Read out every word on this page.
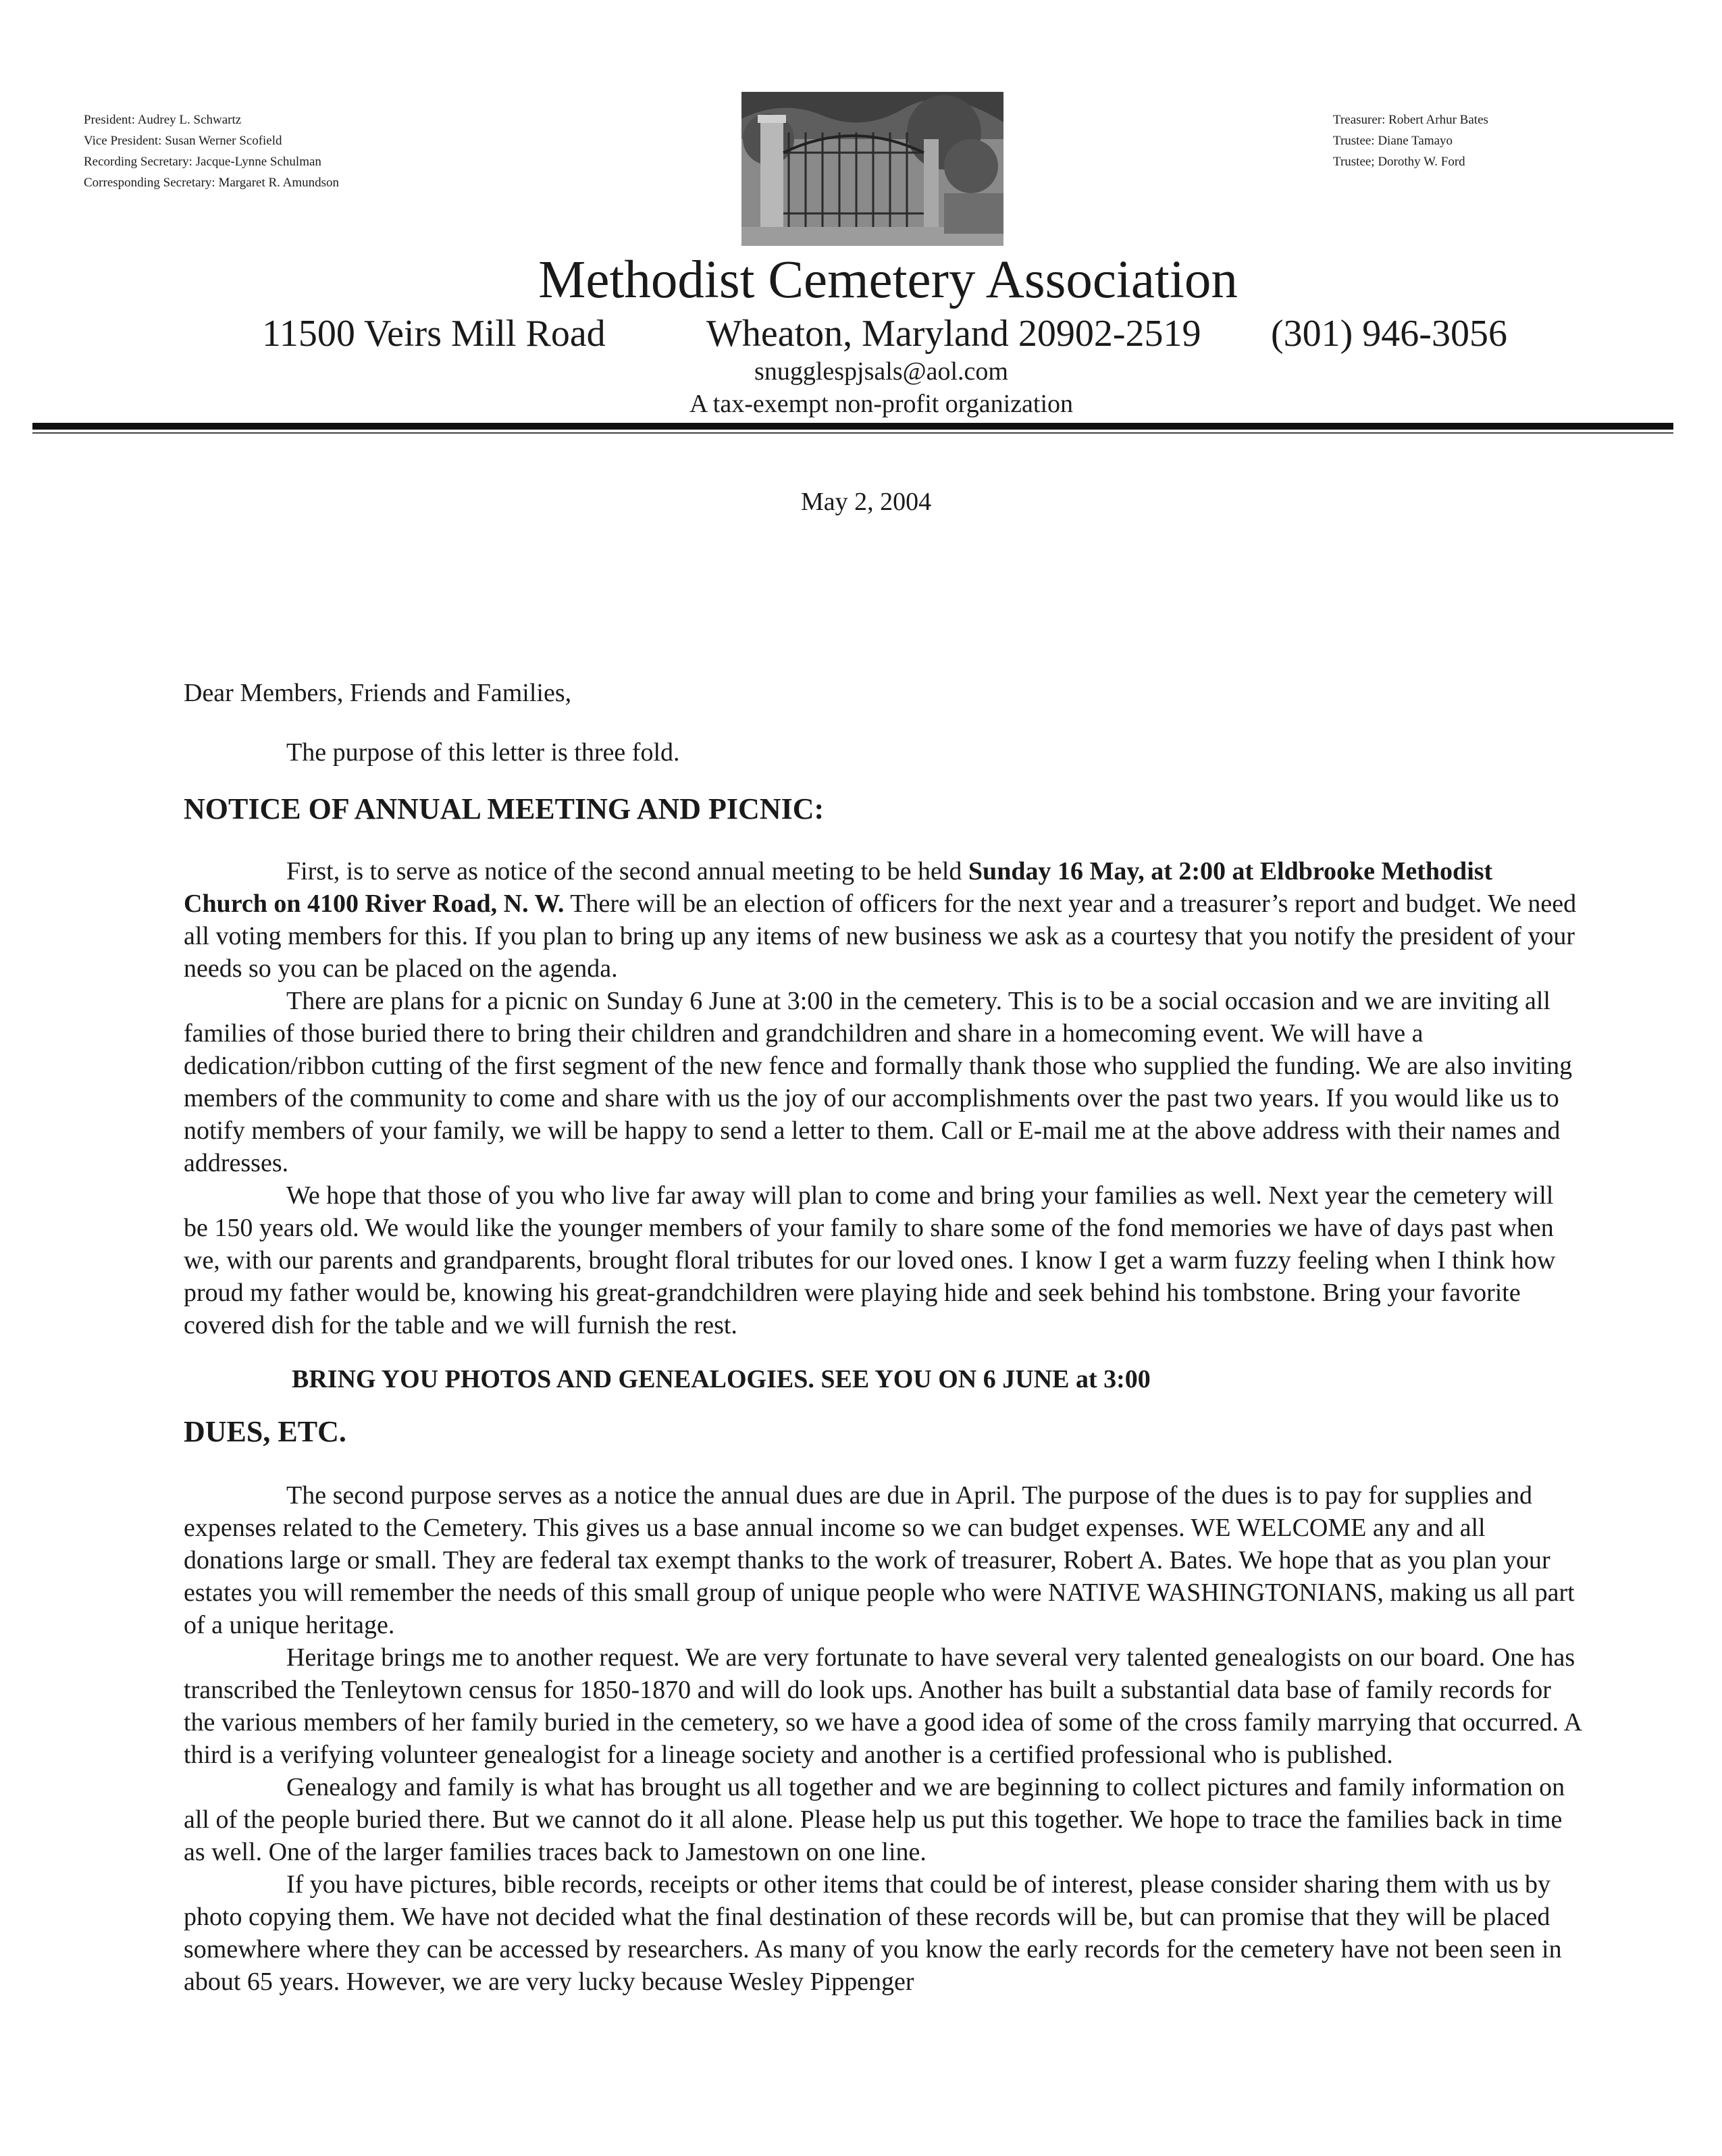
President: Audrey L. Schwartz
Vice President: Susan Werner Scofield
Recording Secretary: Jacque-Lynne Schulman
Corresponding Secretary: Margaret R. Amundson
Treasurer: Robert Arhur Bates
Trustee: Diane Tamayo
Trustee; Dorothy W. Ford
Methodist Cemetery Association
11500 Veirs Mill Road	Wheaton, Maryland 20902-2519 (301) 946-3056
snugglespjsals@aol.com
A tax-exempt non-profit organization
May 2, 2004

Dear Members, Friends and Families,

The purpose of this letter is three fold.

NOTICE OF ANNUAL MEETING AND PICNIC:

First, is to serve as notice of the second annual meeting to be held Sunday 16 May, at 2:00 at Eldbrooke Methodist Church on 4100 River Road, N. W. There will be an election of officers for the next year and a treasurer’s report and budget. We need all voting members for this. If you plan to bring up any items of new business we ask as a courtesy that you notify the president of your needs so you can be placed on the agenda.

There are plans for a picnic on Sunday 6 June at 3:00 in the cemetery. This is to be a social occasion and we are inviting all families of those buried there to bring their children and grandchildren and share in a homecoming event. We will have a dedication/ribbon cutting of the first segment of the new fence and formally thank those who supplied the funding. We are also inviting members of the community to come and share with us the joy of our accomplishments over the past two years. If you would like us to notify members of your family, we will be happy to send a letter to them. Call or E-mail me at the above address with their names and addresses.

We hope that those of you who live far away will plan to come and bring your families as well. Next year the cemetery will be 150 years old. We would like the younger members of your family to share some of the fond memories we have of days past when we, with our parents and grandparents, brought floral tributes for our loved ones. I know I get a warm fuzzy feeling when I think how proud my father would be, knowing his great-grandchildren were playing hide and seek behind his tombstone. Bring your favorite covered dish for the table and we will furnish the rest.

BRING YOU PHOTOS AND GENEALOGIES. SEE YOU ON 6 JUNE at 3:00

DUES, ETC.

The second purpose serves as a notice the annual dues are due in April. The purpose of the dues is to pay for supplies and expenses related to the Cemetery. This gives us a base annual income so we can budget expenses. WE WELCOME any and all donations large or small. They are federal tax exempt thanks to the work of treasurer, Robert A. Bates. We hope that as you plan your estates you will remember the needs of this small group of unique people who were NATIVE WASHINGTONIANS, making us all part of a unique heritage.

Heritage brings me to another request. We are very fortunate to have several very talented genealogists on our board. One has transcribed the Tenleytown census for 1850-1870 and will do look ups. Another has built a substantial data base of family records for the various members of her family buried in the cemetery, so we have a good idea of some of the cross family marrying that occurred. A third is a verifying volunteer genealogist for a lineage society and another is a certified professional who is published.

Genealogy and family is what has brought us all together and we are beginning to collect pictures and family information on all of the people buried there. But we cannot do it all alone. Please help us put this together. We hope to trace the families back in time as well. One of the larger families traces back to Jamestown on one line.

If you have pictures, bible records, receipts or other items that could be of interest, please consider sharing them with us by photo copying them. We have not decided what the final destination of these records will be, but can promise that they will be placed somewhere where they can be accessed by researchers. As many of you know the early records for the cemetery have not been seen in about 65 years. However, we are very lucky because Wesley Pippenger
